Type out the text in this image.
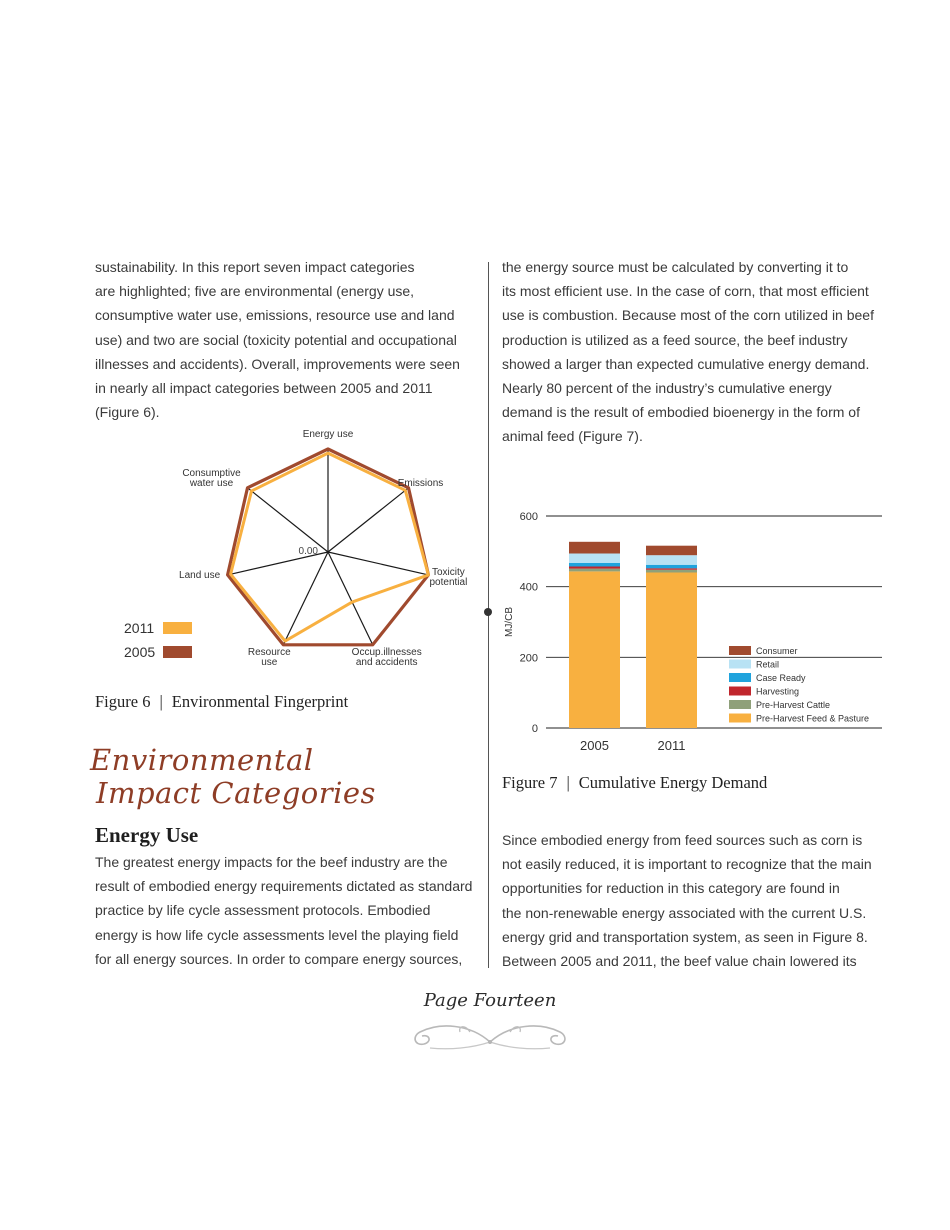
sustainability. In this report seven impact categories

are highlighted; five are environmental (energy use,

consumptive water use, emissions, resource use and land

use) and two are social (toxicity potential and occupational

illnesses and accidents). Overall, improvements were seen

in nearly all impact categories between 2005 and 2011

(Figure 6).

the energy source must be calculated by converting it to

its most efficient use. In the case of corn, that most efficient

use is combustion. Because most of the corn utilized in beef

production is utilized as a feed source, the beef industry

showed a larger than expected cumulative energy demand.

Nearly 80 percent of the industry’s cumulative energy

demand is the result of embodied bioenergy in the form of

animal feed (Figure 7).

0.00
Energy use
Emissions
Toxicity potential
Occup.illnesses and accidents
Resource use
Land use
Consumptive water use
2011
2005
Figure 6 | Environmental Fingerprint
0
200
400
600
MJ/CB
2005	2011
Consumer
Retail
Case Ready
Harvesting
Pre-Harvest Cattle
Pre-Harvest Feed & Pasture
Figure 7 | Cumulative Energy Demand
Environmental
Impact Categories
Energy Use

The greatest energy impacts for the beef industry are the

result of embodied energy requirements dictated as standard

practice by life cycle assessment protocols. Embodied

energy is how life cycle assessments level the playing field

for all energy sources. In order to compare energy sources,

Since embodied energy from feed sources such as corn is

not easily reduced, it is important to recognize that the main

opportunities for reduction in this category are found in

the non-renewable energy associated with the current U.S.

energy grid and transportation system, as seen in Figure 8.

Between 2005 and 2011, the beef value chain lowered its

Page Fourteen
